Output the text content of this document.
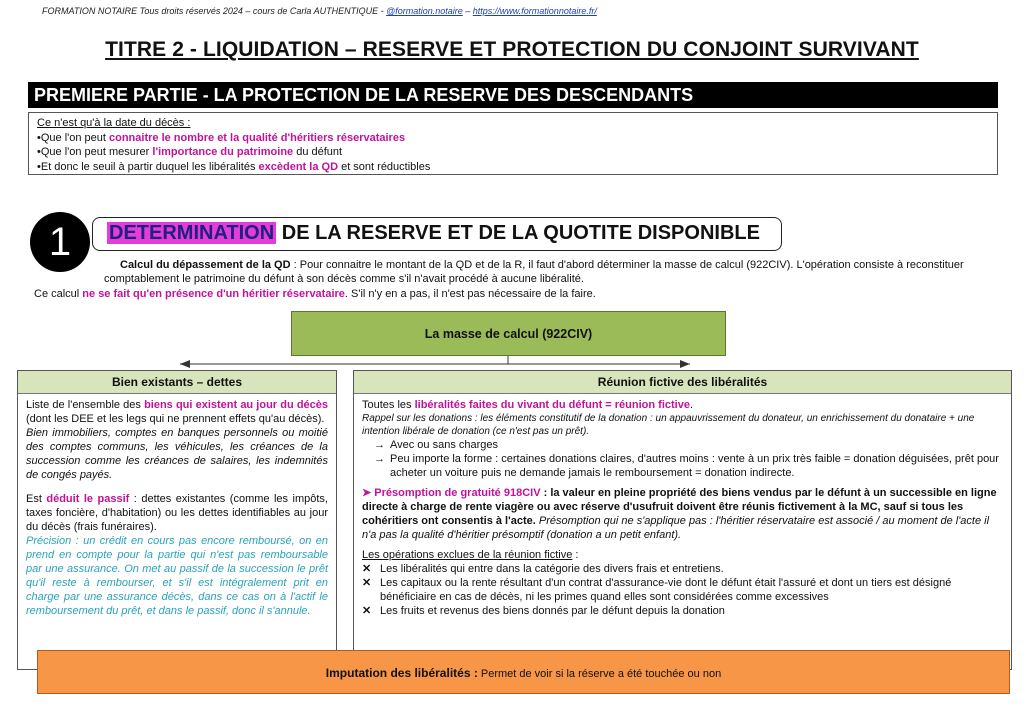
FORMATION NOTAIRE Tous droits réservés 2024 – cours de Carla AUTHENTIQUE - @formation.notaire – https://www.formationnotaire.fr/
TITRE 2 - LIQUIDATION – RESERVE ET PROTECTION DU CONJOINT SURVIVANT
PREMIERE PARTIE - LA PROTECTION DE LA RESERVE DES DESCENDANTS
Ce n'est qu'à la date du décès :
•Que l'on peut connaitre le nombre et la qualité d'héritiers réservataires
•Que l'on peut mesurer l'importance du patrimoine du défunt
•Et donc le seuil à partir duquel les libéralités excèdent la QD et sont réductibles
1	DETERMINATION DE LA RESERVE ET DE LA QUOTITE DISPONIBLE
Calcul du dépassement de la QD : Pour connaitre le montant de la QD et de la R, il faut d'abord déterminer la masse de calcul (922CIV). L'opération consiste à reconstituer
comptablement le patrimoine du défunt à son décès comme s'il n'avait procédé à aucune libéralité.
Ce calcul ne se fait qu'en présence d'un héritier réservataire. S'il n'y en a pas, il n'est pas nécessaire de la faire.
La masse de calcul (922CIV)
Bien existants – dettes
Liste de l'ensemble des biens qui existent au jour du décès (dont les DEE et les legs qui ne prennent effets qu'au décès).
Bien immobiliers, comptes en banques personnels ou moitié des comptes communs, les véhicules, les créances de la succession comme les créances de salaires, les indemnités de congés payés.
Est déduit le passif : dettes existantes (comme les impôts, taxes foncière, d'habitation) ou les dettes identifiables au jour du décès (frais funéraires).
Précision : un crédit en cours pas encore remboursé, on en prend en compte pour la partie qui n'est pas remboursable par une assurance. On met au passif de la succession le prêt qu'il reste à rembourser, et s'il est intégralement prit en charge par une assurance décès, dans ce cas on à l'actif le remboursement du prêt, et dans le passif, donc il s'annule.
Réunion fictive des libéralités
Toutes les libéralités faites du vivant du défunt = réunion fictive.
Rappel sur les donations : les éléments constitutif de la donation : un appauvrissement du donateur, un enrichissement du donataire + une intention libérale de donation (ce n'est pas un prêt).
→ Avec ou sans charges
→ Peu importe la forme : certaines donations claires, d'autres moins : vente à un prix très faible = donation déguisées, prêt pour acheter un voiture puis ne demande jamais le remboursement = donation indirecte.
➤ Présomption de gratuité 918CIV : la valeur en pleine propriété des biens vendus par le défunt à un successible en ligne directe à charge de rente viagère ou avec réserve d'usufruit doivent être réunis fictivement à la MC, sauf si tous les cohéritiers ont consentis à l'acte. Présomption qui ne s'applique pas : l'héritier réservataire est associé / au moment de l'acte il n'a pas la qualité d'héritier présomptif (donation a un petit enfant).
Les opérations exclues de la réunion fictive :
✕ Les libéralités qui entre dans la catégorie des divers frais et entretiens.
✕ Les capitaux ou la rente résultant d'un contrat d'assurance-vie dont le défunt était l'assuré et dont un tiers est désigné bénéficiaire en cas de décès, ni les primes quand elles sont considérées comme excessives
✕ Les fruits et revenus des biens donnés par le défunt depuis la donation
Imputation des libéralités : Permet de voir si la réserve a été touchée ou non
